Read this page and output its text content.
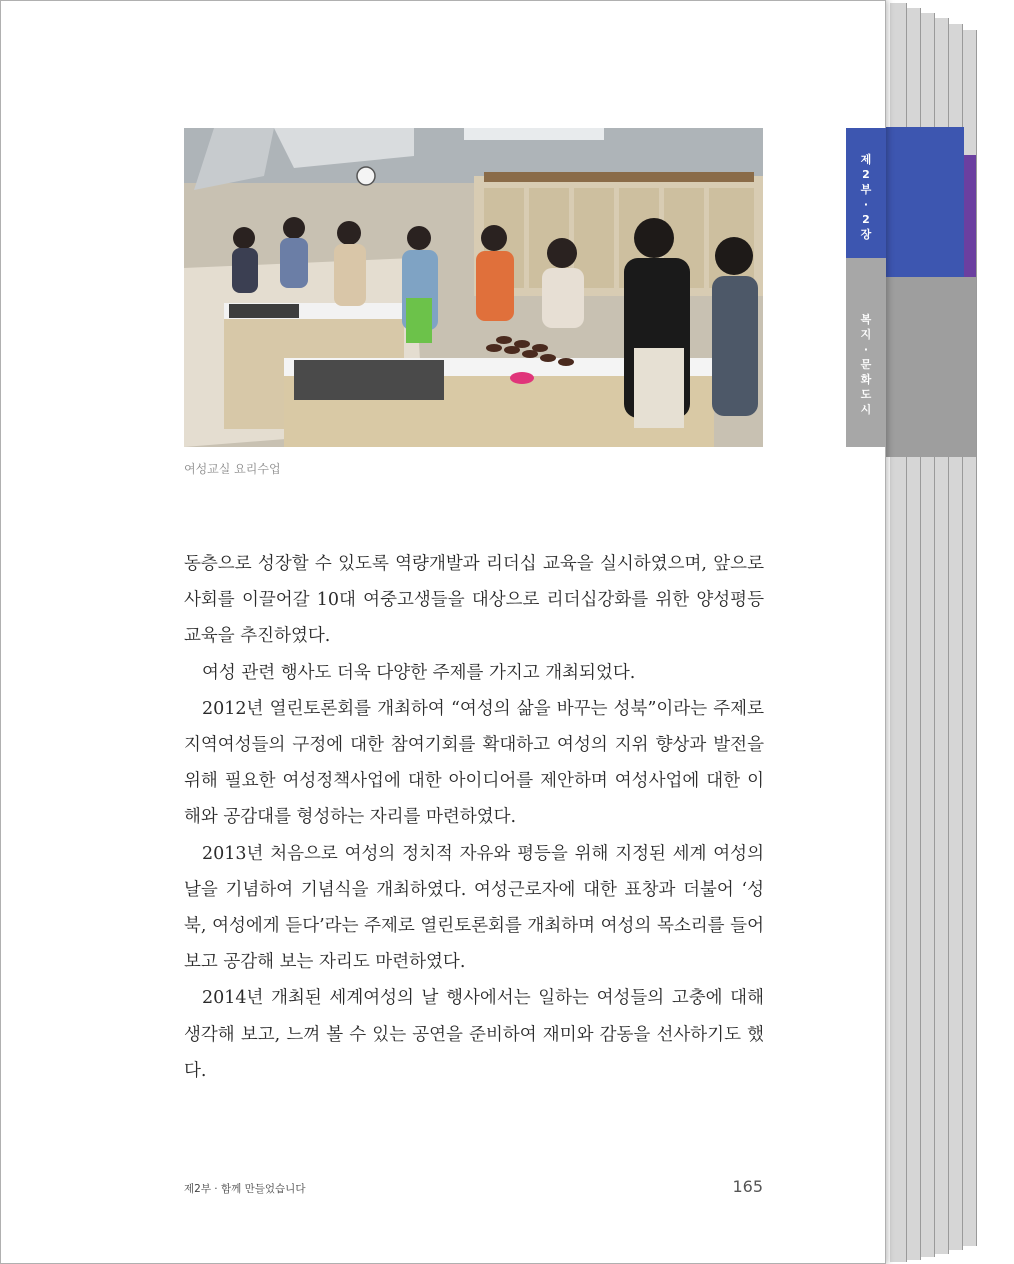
여성교실 요리수업

동층으로 성장할 수 있도록 역량개발과 리더십 교육을 실시하였으며, 앞으로 사회를 이끌어갈 10대 여중고생들을 대상으로 리더십강화를 위한 양성평등교육을 추진하였다.

여성 관련 행사도 더욱 다양한 주제를 가지고 개최되었다.

2012년 열린토론회를 개최하여 “여성의 삶을 바꾸는 성북”이라는 주제로 지역여성들의 구정에 대한 참여기회를 확대하고 여성의 지위 향상과 발전을 위해 필요한 여성정책사업에 대한 아이디어를 제안하며 여성사업에 대한 이해와 공감대를 형성하는 자리를 마련하였다.

2013년 처음으로 여성의 정치적 자유와 평등을 위해 지정된 세계 여성의 날을 기념하여 기념식을 개최하였다. 여성근로자에 대한 표창과 더불어 ‘성북, 여성에게 듣다’라는 주제로 열린토론회를 개최하며 여성의 목소리를 들어보고 공감해 보는 자리도 마련하였다.

2014년 개최된 세계여성의 날 행사에서는 일하는 여성들의 고충에 대해 생각해 보고, 느껴 볼 수 있는 공연을 준비하여 재미와 감동을 선사하기도 했다.

제2부 · 함께 만들었습니다	165
제
2
부
·
2
장
복
지
·
문
화
도
시
